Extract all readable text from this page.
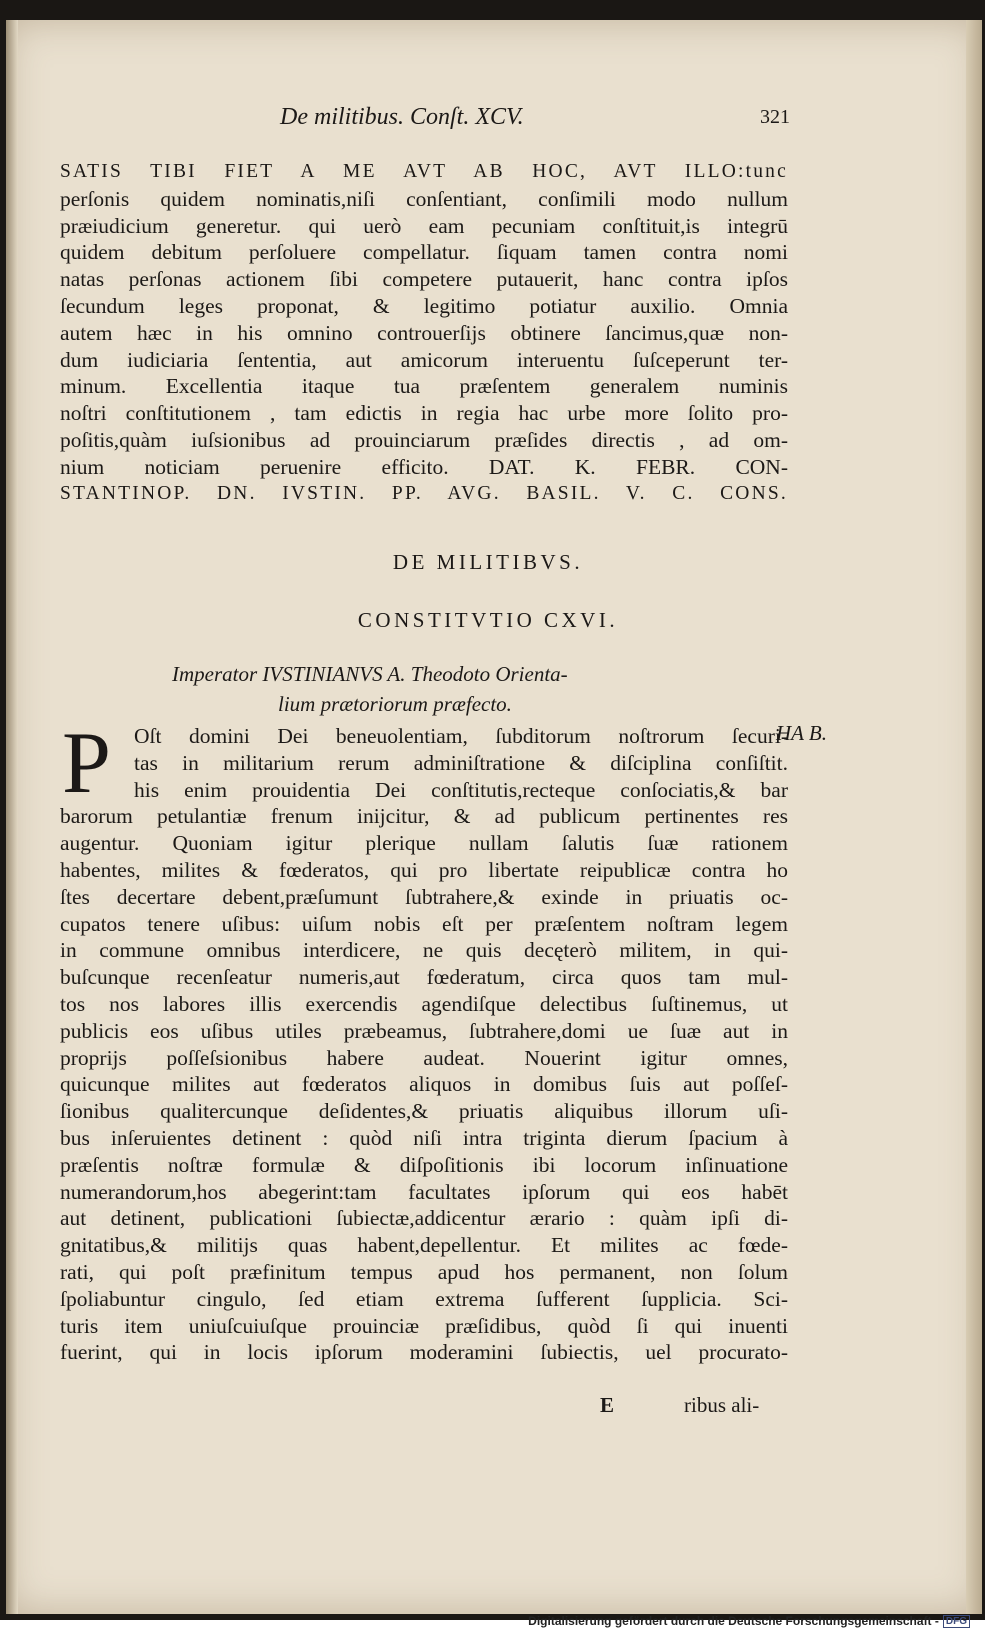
De militibus. Conſt. XCV.	321
SATIS TIBI FIET A ME AVT AB HOC, AVT ILLO:tunc
perſonis quidem nominatis,niſi conſentiant, conſimili modo nullum
præiudicium generetur. qui uerò eam pecuniam conſtituit,is integrū
quidem debitum perſoluere compellatur. ſiquam tamen contra nomi
natas perſonas actionem ſibi competere putauerit, hanc contra ipſos
ſecundum leges proponat, & legitimo potiatur auxilio. Omnia
autem hæc in his omnino controuerſijs obtinere ſancimus,quæ non-
dum iudiciaria ſententia, aut amicorum interuentu ſuſceperunt ter-
minum. Excellentia itaque tua præſentem generalem numinis
noſtri conſtitutionem , tam edictis in regia hac urbe more ſolito pro-
poſitis,quàm iuſsionibus ad prouinciarum præſides directis , ad om-
nium noticiam peruenire efficito. DAT. K. FEBR. CON-
STANTINOP. DN. IVSTIN. PP. AVG. BASIL. V. C. CONS.
DE MILITIBVS.
CONSTITVTIO CXVI.
Imperator IVSTINIANVS A. Theodoto Orienta-
lium prætoriorum præfecto.
P	HA B.
Oſt domini Dei beneuolentiam, ſubditorum noſtrorum ſecuri-
tas in militarium rerum adminiſtratione & diſciplina conſiſtit.
his enim prouidentia Dei conſtitutis,recteque conſociatis,& bar
barorum petulantiæ frenum inijcitur, & ad publicum pertinentes res
augentur. Quoniam igitur plerique nullam ſalutis ſuæ rationem
habentes, milites & fœderatos, qui pro libertate reipublicæ contra ho
ſtes decertare debent,præſumunt ſubtrahere,& exinde in priuatis oc-
cupatos tenere uſibus: uiſum nobis eſt per præſentem noſtram legem
in commune omnibus interdicere, ne quis decęterò militem, in qui-
buſcunque recenſeatur numeris,aut fœderatum, circa quos tam mul-
tos nos labores illis exercendis agendiſque delectibus ſuſtinemus, ut
publicis eos uſibus utiles præbeamus, ſubtrahere,domi ue ſuæ aut in
proprijs poſſeſsionibus habere audeat. Nouerint igitur omnes,
quicunque milites aut fœderatos aliquos in domibus ſuis aut poſſeſ-
ſionibus qualitercunque deſidentes,& priuatis aliquibus illorum uſi-
bus inſeruientes detinent : quòd niſi intra triginta dierum ſpacium à
præſentis noſtræ formulæ & diſpoſitionis ibi locorum inſinuatione
numerandorum,hos abegerint:tam facultates ipſorum qui eos habēt
aut detinent, publicationi ſubiectæ,addicentur ærario : quàm ipſi di-
gnitatibus,& militijs quas habent,depellentur. Et milites ac fœde-
rati, qui poſt præfinitum tempus apud hos permanent, non ſolum
ſpoliabuntur cingulo, ſed etiam extrema ſufferent ſupplicia. Sci-
turis item uniuſcuiuſque prouinciæ præſidibus, quòd ſi qui inuenti
fuerint, qui in locis ipſorum moderamini ſubiectis, uel procurato-
E	ribus ali-
Digitalisierung gefördert durch die Deutsche Forschungsgemeinschaft - DFG
